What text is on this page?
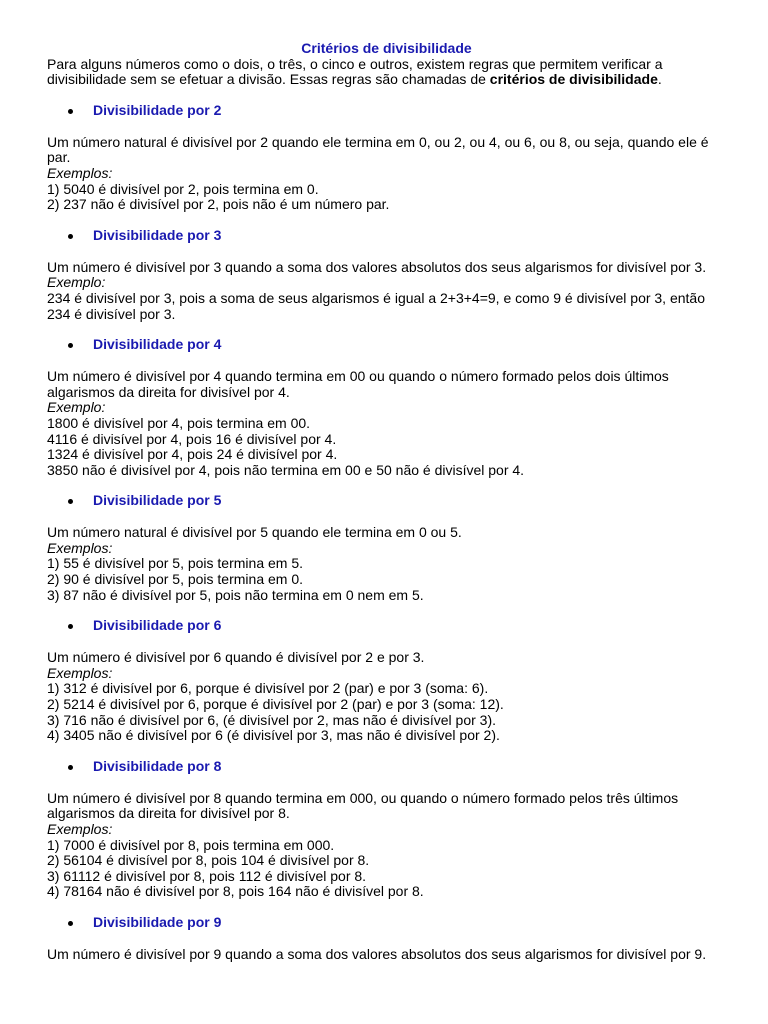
Critérios de divisibilidade

Para alguns números como o dois, o três, o cinco e outros, existem regras que permitem verificar a divisibilidade sem se efetuar a divisão. Essas regras são chamadas de critérios de divisibilidade.

Divisibilidade por 2

Um número natural é divisível por 2 quando ele termina em 0, ou 2, ou 4, ou 6, ou 8, ou seja, quando ele é par.

Exemplos:

1) 5040 é divisível por 2, pois termina em 0.

2) 237 não é divisível por 2, pois não é um número par.

Divisibilidade por 3

Um número é divisível por 3 quando a soma dos valores absolutos dos seus algarismos for divisível por 3.

Exemplo:

234 é divisível por 3, pois a soma de seus algarismos é igual a 2+3+4=9, e como 9 é divisível por 3, então 234 é divisível por 3.

Divisibilidade por 4

Um número é divisível por 4 quando termina em 00 ou quando o número formado pelos dois últimos algarismos da direita for divisível por 4.

Exemplo:

1800 é divisível por 4, pois termina em 00.

4116 é divisível por 4, pois 16 é divisível por 4.

1324 é divisível por 4, pois 24 é divisível por 4.

3850 não é divisível por 4, pois não termina em 00 e 50 não é divisível por 4.

Divisibilidade por 5

Um número natural é divisível por 5 quando ele termina em 0 ou 5.

Exemplos:

1) 55 é divisível por 5, pois termina em 5.

2) 90 é divisível por 5, pois termina em 0.

3) 87 não é divisível por 5, pois não termina em 0 nem em 5.

Divisibilidade por 6

Um número é divisível por 6 quando é divisível por 2 e por 3.

Exemplos:

1) 312 é divisível por 6, porque é divisível por 2 (par) e por 3 (soma: 6).

2) 5214 é divisível por 6, porque é divisível por 2 (par) e por 3 (soma: 12).

3) 716 não é divisível por 6, (é divisível por 2, mas não é divisível por 3).

4) 3405 não é divisível por 6 (é divisível por 3, mas não é divisível por 2).

Divisibilidade por 8

Um número é divisível por 8 quando termina em 000, ou quando o número formado pelos três últimos algarismos da direita for divisível por 8.

Exemplos:

1) 7000 é divisível por 8, pois termina em 000.

2) 56104 é divisível por 8, pois 104 é divisível por 8.

3) 61112 é divisível por 8, pois 112 é divisível por 8.

4) 78164 não é divisível por 8, pois 164 não é divisível por 8.

Divisibilidade por 9

Um número é divisível por 9 quando a soma dos valores absolutos dos seus algarismos for divisível por 9.
